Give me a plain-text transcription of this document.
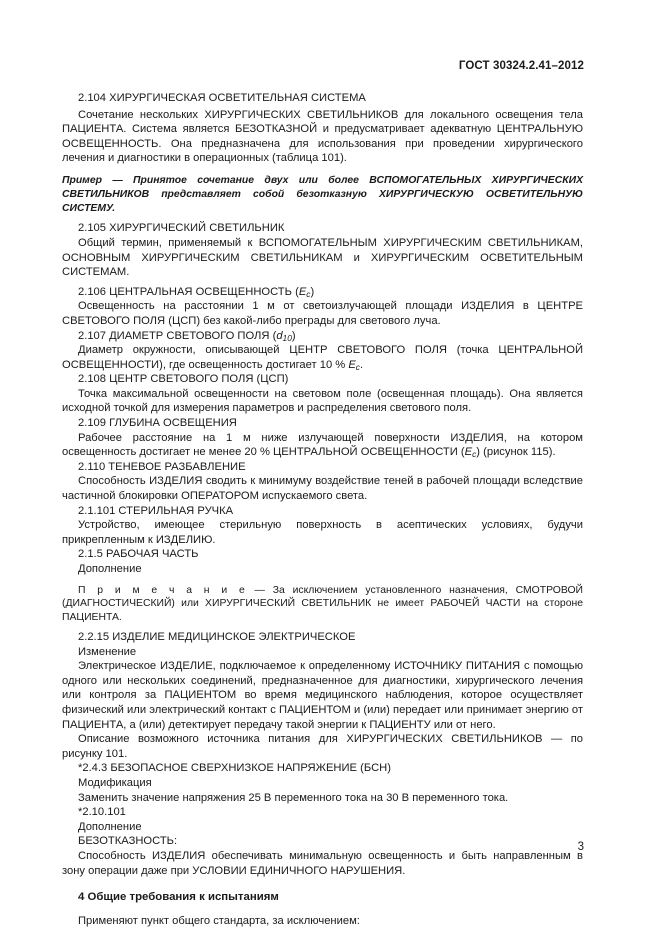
ГОСТ 30324.2.41–2012

2.104 ХИРУРГИЧЕСКАЯ ОСВЕТИТЕЛЬНАЯ СИСТЕМА

Сочетание нескольких ХИРУРГИЧЕСКИХ СВЕТИЛЬНИКОВ для локального освещения тела ПАЦИЕНТА. Система является БЕЗОТКАЗНОЙ и предусматривает адекватную ЦЕНТРАЛЬНУЮ ОСВЕЩЕННОСТЬ. Она предназначена для использования при проведении хирургического лечения и диагностики в операционных (таблица 101).

Пример — Принятое сочетание двух или более ВСПОМОГАТЕЛЬНЫХ ХИРУРГИЧЕСКИХ СВЕТИЛЬНИКОВ представляет собой безотказную ХИРУРГИЧЕСКУЮ ОСВЕТИТЕЛЬНУЮ СИСТЕМУ.

2.105 ХИРУРГИЧЕСКИЙ СВЕТИЛЬНИК

Общий термин, применяемый к ВСПОМОГАТЕЛЬНЫМ ХИРУРГИЧЕСКИМ СВЕТИЛЬНИКАМ, ОСНОВНЫМ ХИРУРГИЧЕСКИМ СВЕТИЛЬНИКАМ и ХИРУРГИЧЕСКИМ ОСВЕТИТЕЛЬНЫМ СИСТЕМАМ.

2.106 ЦЕНТРАЛЬНАЯ ОСВЕЩЕННОСТЬ $(E_c)$

Освещенность на расстоянии 1 м от светоизлучающей площади ИЗДЕЛИЯ в ЦЕНТРЕ СВЕТОВОГО ПОЛЯ (ЦСП) без какой-либо преграды для светового луча.

2.107 ДИАМЕТР СВЕТОВОГО ПОЛЯ $(d_{10})$

Диаметр окружности, описывающей ЦЕНТР СВЕТОВОГО ПОЛЯ (точка ЦЕНТРАЛЬНОЙ ОСВЕЩЕННОСТИ), где освещенность достигает 10 % $E_c$.

2.108 ЦЕНТР СВЕТОВОГО ПОЛЯ (ЦСП)

Точка максимальной освещенности на световом поле (освещенная площадь). Она является исходной точкой для измерения параметров и распределения светового поля.

2.109 ГЛУБИНА ОСВЕЩЕНИЯ

Рабочее расстояние на 1 м ниже излучающей поверхности ИЗДЕЛИЯ, на котором освещенность достигает не менее 20 % ЦЕНТРАЛЬНОЙ ОСВЕЩЕННОСТИ $(E_c)$ (рисунок 115).

2.110 ТЕНЕВОЕ РАЗБАВЛЕНИЕ

Способность ИЗДЕЛИЯ сводить к минимуму воздействие теней в рабочей площади вследствие частичной блокировки ОПЕРАТОРОМ испускаемого света.

2.1.101 СТЕРИЛЬНАЯ РУЧКА

Устройство, имеющее стерильную поверхность в асептических условиях, будучи прикрепленным к ИЗДЕЛИЮ.

2.1.5 РАБОЧАЯ ЧАСТЬ

Дополнение

П р и м е ч а н и е — За исключением установленного назначения, СМОТРОВОЙ (ДИАГНОСТИЧЕСКИЙ) или ХИРУРГИЧЕСКИЙ СВЕТИЛЬНИК не имеет РАБОЧЕЙ ЧАСТИ на стороне ПАЦИЕНТА.

2.2.15 ИЗДЕЛИЕ МЕДИЦИНСКОЕ ЭЛЕКТРИЧЕСКОЕ

Изменение

Электрическое ИЗДЕЛИЕ, подключаемое к определенному ИСТОЧНИКУ ПИТАНИЯ с помощью одного или нескольких соединений, предназначенное для диагностики, хирургического лечения или контроля за ПАЦИЕНТОМ во время медицинского наблюдения, которое осуществляет физический или электрический контакт с ПАЦИЕНТОМ и (или) передает или принимает энергию от ПАЦИЕНТА, а (или) детектирует передачу такой энергии к ПАЦИЕНТУ или от него.

Описание возможного источника питания для ХИРУРГИЧЕСКИХ СВЕТИЛЬНИКОВ — по рисунку 101.

*2.4.3 БЕЗОПАСНОЕ СВЕРХНИЗКОЕ НАПРЯЖЕНИЕ (БСН)

Модификация

Заменить значение напряжения 25 В переменного тока на 30 В переменного тока.

*2.10.101

Дополнение

БЕЗОТКАЗНОСТЬ:

Способность ИЗДЕЛИЯ обеспечивать минимальную освещенность и быть направленным в зону операции даже при УСЛОВИИ ЕДИНИЧНОГО НАРУШЕНИЯ.

4 Общие требования к испытаниям

Применяют пункт общего стандарта, за исключением:

3
